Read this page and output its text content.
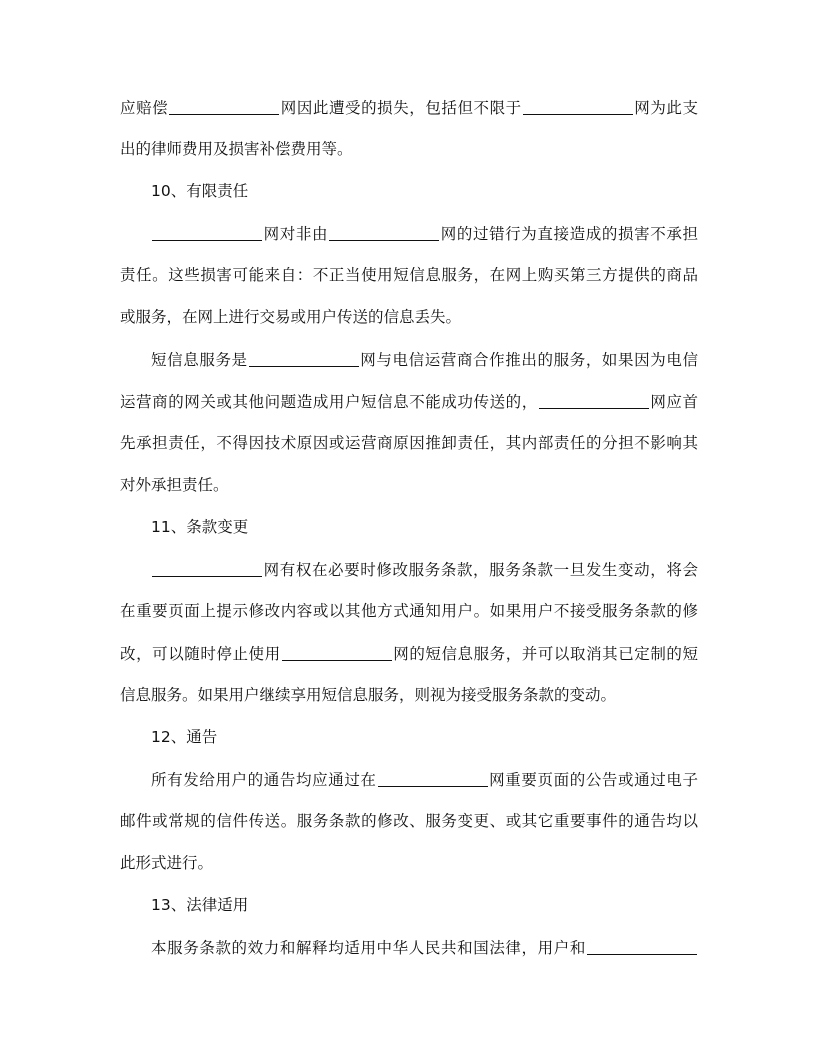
应赔偿	网因此遭受的损失，包括但不限于	网为此支
出的律师费用及损害补偿费用等。
10、有限责任
网对非由	网的过错行为直接造成的损害不承担
责任。这些损害可能来自：不正当使用短信息服务，在网上购买第三方提供的商品
或服务，在网上进行交易或用户传送的信息丢失。
短信息服务是	网与电信运营商合作推出的服务，如果因为电信
运营商的网关或其他问题造成用户短信息不能成功传送的，	网应首
先承担责任，不得因技术原因或运营商原因推卸责任，其内部责任的分担不影响其
对外承担责任。
11、条款变更
网有权在必要时修改服务条款，服务条款一旦发生变动，将会
在重要页面上提示修改内容或以其他方式通知用户。如果用户不接受服务条款的修
改，可以随时停止使用	网的短信息服务，并可以取消其已定制的短
信息服务。如果用户继续享用短信息服务，则视为接受服务条款的变动。
12、通告
所有发给用户的通告均应通过在	网重要页面的公告或通过电子
邮件或常规的信件传送。服务条款的修改、服务变更、或其它重要事件的通告均以
此形式进行。
13、法律适用
本服务条款的效力和解释均适用中华人民共和国法律，用户和
